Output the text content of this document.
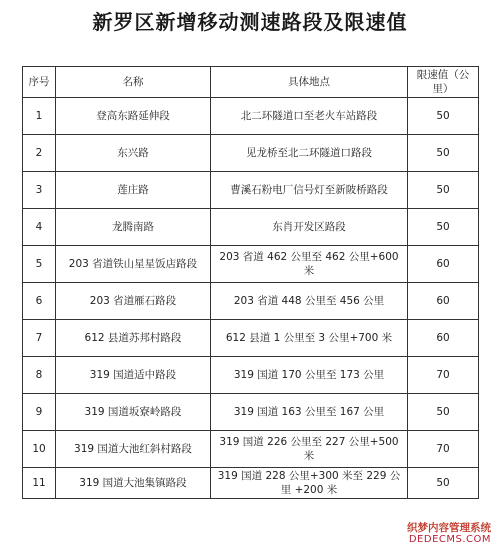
新罗区新增移动测速路段及限速值
序号	名称	具体地点	限速值（公里）
1	登高东路延伸段	北二环隧道口至老火车站路段	50
2	东兴路	见龙桥至北二环隧道口路段	50
3	莲庄路	曹溪石粉电厂信号灯至新陂桥路段	50
4	龙腾南路	东肖开发区路段	50
5	203 省道铁山星星饭店路段	203 省道 462 公里至 462 公里+600 米	60
6	203 省道雁石路段	203 省道 448 公里至 456 公里	60
7	612 县道苏邦村路段	612 县道 1 公里至 3 公里+700 米	60
8	319 国道适中路段	319 国道 170 公里至 173 公里	70
9	319 国道坂寮岭路段	319 国道 163 公里至 167 公里	50
10	319 国道大池红斜村路段	319 国道 226 公里至 227 公里+500 米	70
11	319 国道大池集镇路段	319 国道 228 公里+300 米至 229 公里 +200 米	50
织梦内容管理系统
DEDECMS.COM
